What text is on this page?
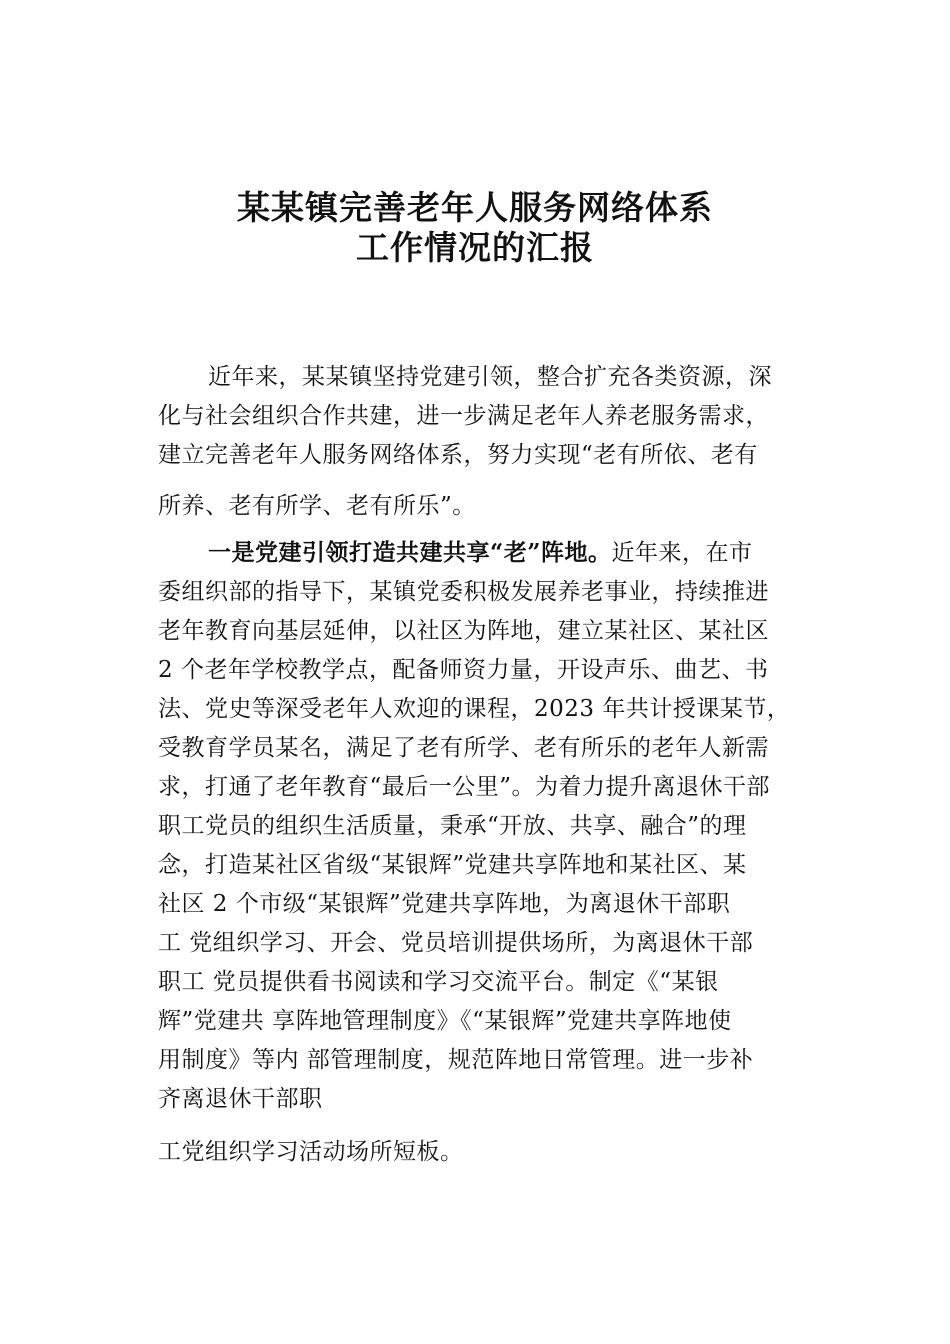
某某镇完善老年人服务网络体系
工作情况的汇报

近年来，某某镇坚持党建引领，整合扩充各类资源，深

化与社会组织合作共建，进一步满足老年人养老服务需求，

建立完善老年人服务网络体系，努力实现“老有所依、老有

所养、老有所学、老有所乐”。

一是党建引领打造共建共享“老”阵地。近年来，在市

委组织部的指导下，某镇党委积极发展养老事业，持续推进

老年教育向基层延伸，以社区为阵地，建立某社区、某社区

2 个老年学校教学点，配备师资力量，开设声乐、曲艺、书

法、党史等深受老年人欢迎的课程，2023 年共计授课某节，

受教育学员某名，满足了老有所学、老有所乐的老年人新需

求，打通了老年教育“最后一公里”。为着力提升离退休干部

职工党员的组织生活质量，秉承“开放、共享、融合”的理

念，打造某社区省级“某银辉”党建共享阵地和某社区、某

社区 2 个市级“某银辉”党建共享阵地，为离退休干部职

工 党组织学习、开会、党员培训提供场所，为离退休干部

职工 党员提供看书阅读和学习交流平台。制定《“某银

辉”党建共 享阵地管理制度》《“某银辉”党建共享阵地使

用制度》等内 部管理制度，规范阵地日常管理。进一步补

齐离退休干部职

工党组织学习活动场所短板。
